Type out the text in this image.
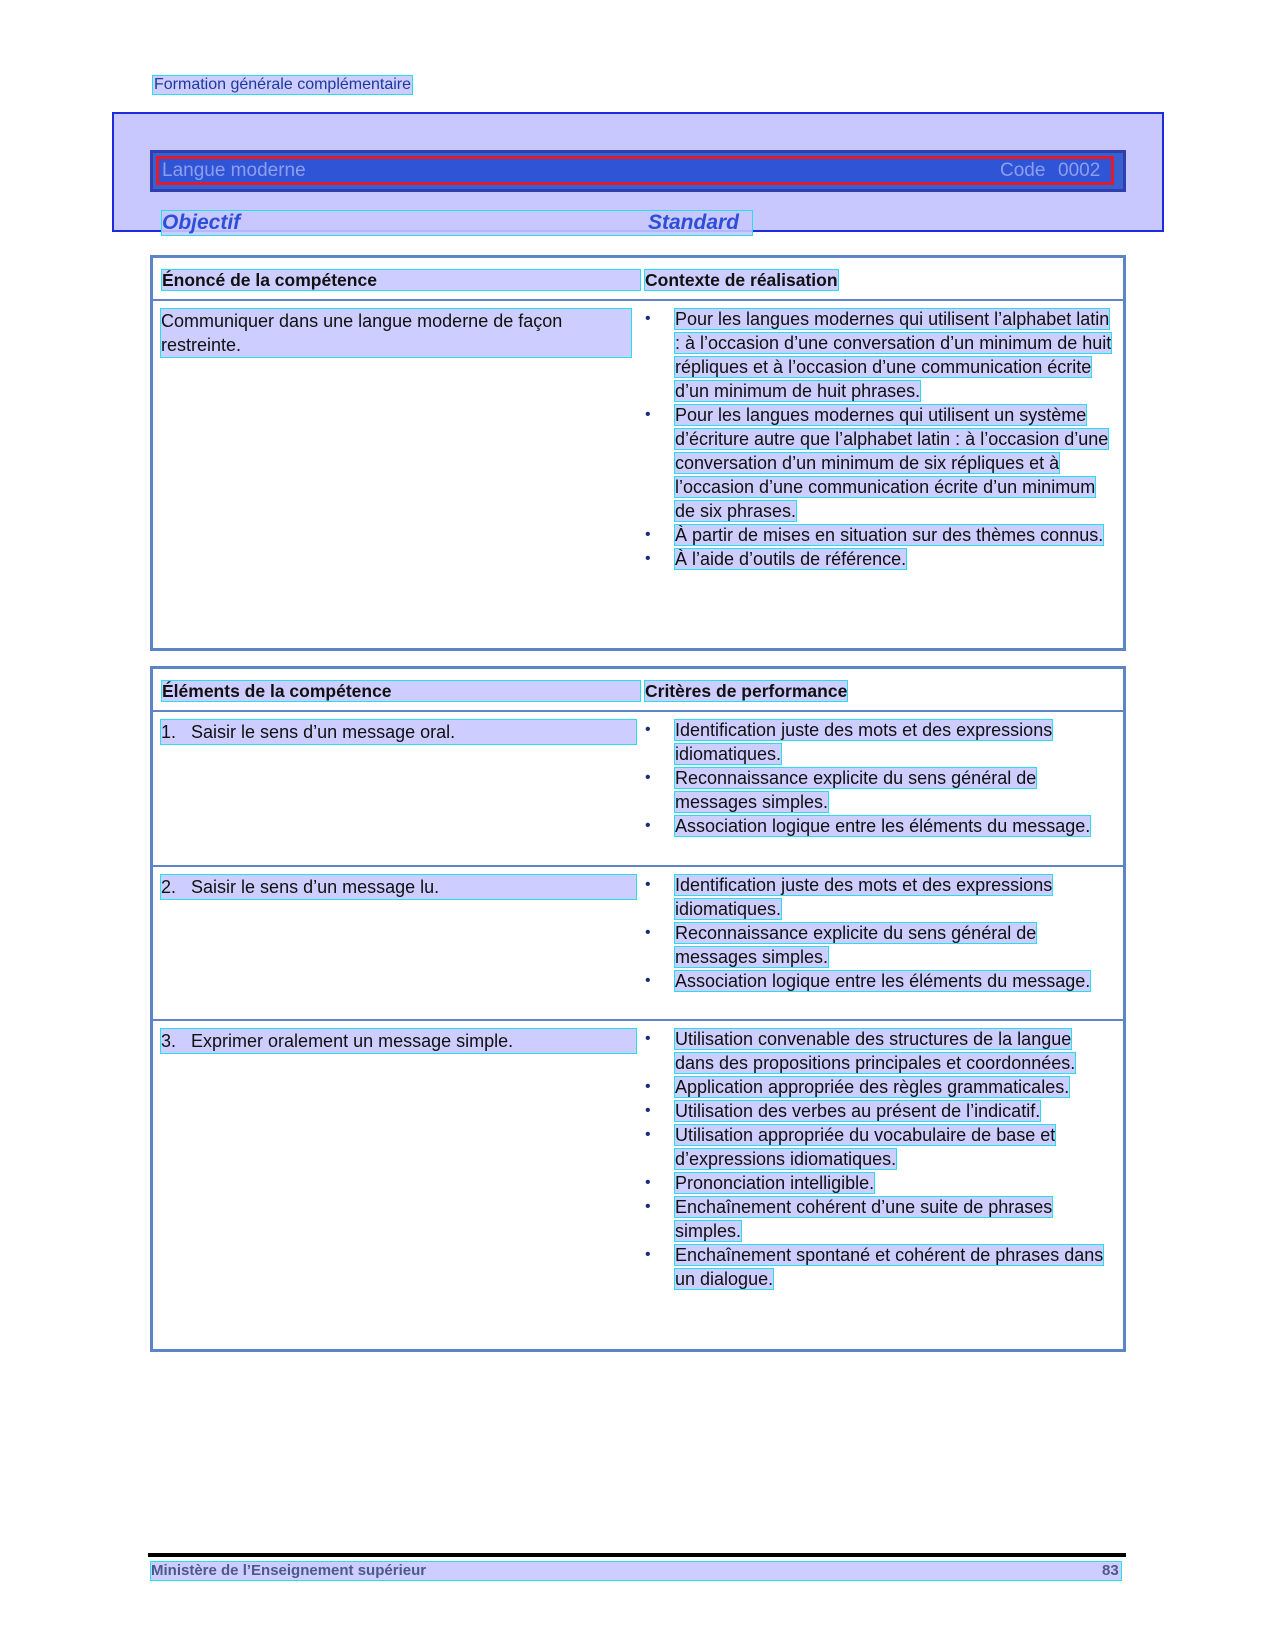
Formation générale complémentaire
Langue moderne	Code 0002
Objectif	Standard
Énoncé de la compétence	Contexte de réalisation
Communiquer dans une langue moderne de façon restreinte.
• Pour les langues modernes qui utilisent l’alphabet latin : à l’occasion d’une conversation d’un minimum de huit répliques et à l’occasion d’une communication écrite d’un minimum de huit phrases.
• Pour les langues modernes qui utilisent un système d’écriture autre que l’alphabet latin : à l’occasion d’une conversation d’un minimum de six répliques et à l’occasion d’une communication écrite d’un minimum de six phrases.
• À partir de mises en situation sur des thèmes connus.
• À l’aide d’outils de référence.
Éléments de la compétence	Critères de performance
1. Saisir le sens d’un message oral.	• Identification juste des mots et des expressions idiomatiques.
• Reconnaissance explicite du sens général de messages simples.
• Association logique entre les éléments du message.
2. Saisir le sens d’un message lu.	• Identification juste des mots et des expressions idiomatiques.
• Reconnaissance explicite du sens général de messages simples.
• Association logique entre les éléments du message.
3. Exprimer oralement un message simple.	• Utilisation convenable des structures de la langue dans des propositions principales et coordonnées.
• Application appropriée des règles grammaticales.
• Utilisation des verbes au présent de l’indicatif.
• Utilisation appropriée du vocabulaire de base et d’expressions idiomatiques.
• Prononciation intelligible.
• Enchaînement cohérent d’une suite de phrases simples.
• Enchaînement spontané et cohérent de phrases dans un dialogue.
Ministère de l’Enseignement supérieur	83
